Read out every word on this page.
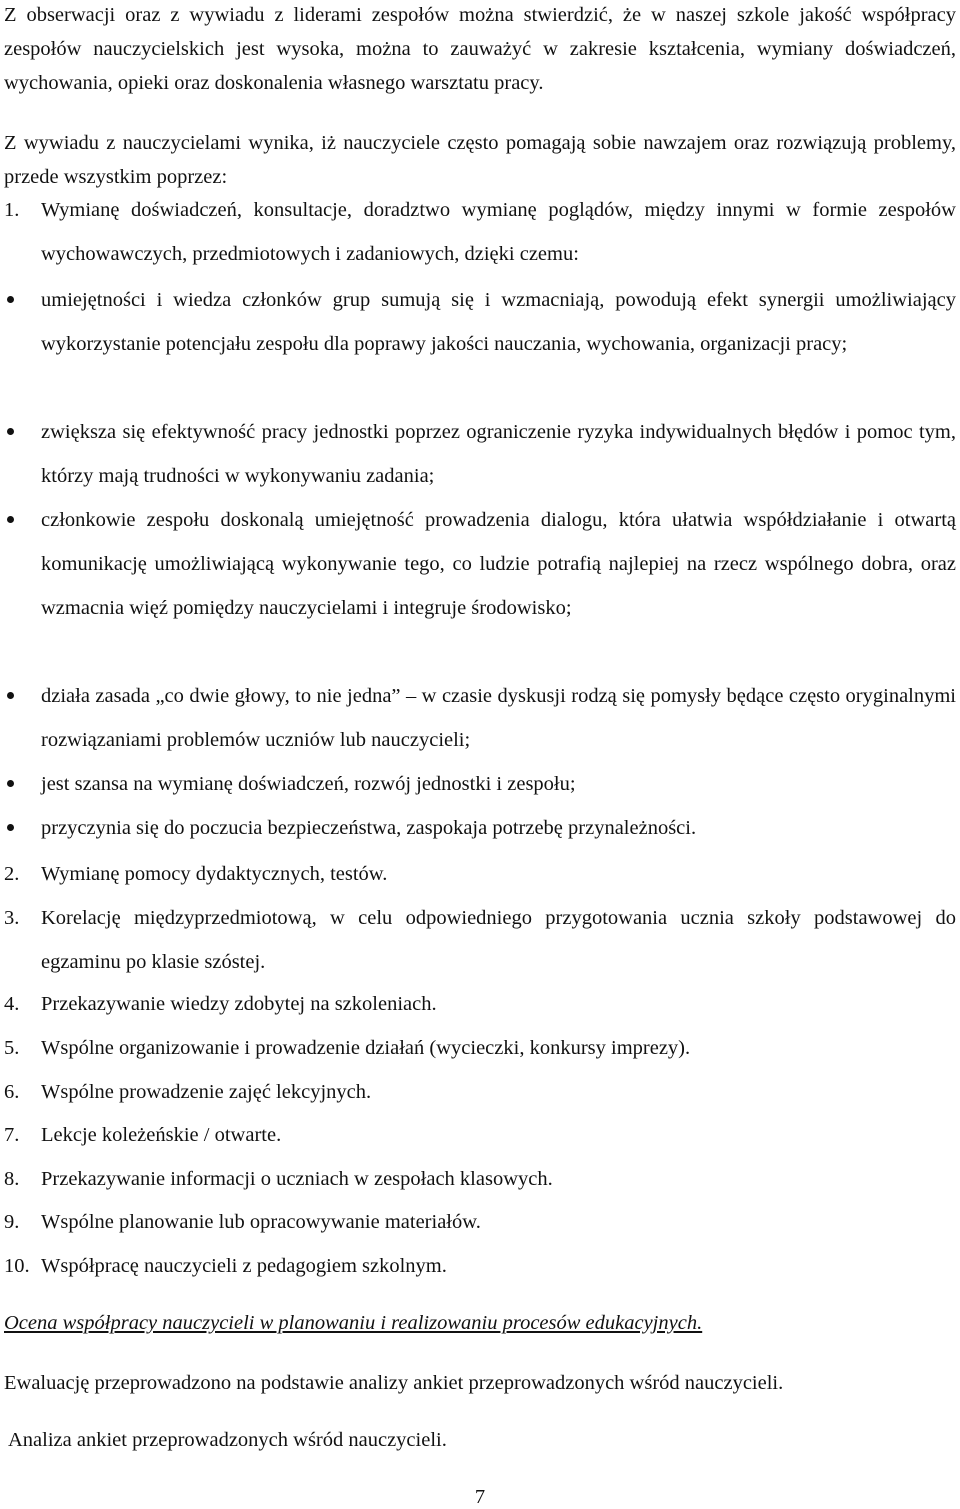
Z obserwacji oraz z wywiadu z liderami zespołów można stwierdzić, że w naszej szkole jakość współpracy zespołów nauczycielskich jest wysoka, można to zauważyć w zakresie kształcenia, wymiany doświadczeń, wychowania, opieki oraz doskonalenia własnego warsztatu pracy.

Z wywiadu z nauczycielami wynika, iż nauczyciele często pomagają sobie nawzajem oraz rozwiązują problemy, przede wszystkim poprzez:

1.	Wymianę doświadczeń, konsultacje, doradztwo wymianę poglądów, między innymi w formie zespołów wychowawczych, przedmiotowych i zadaniowych, dzięki czemu:
umiejętności i wiedza członków grup sumują się i wzmacniają, powodują efekt synergii umożliwiający wykorzystanie potencjału zespołu dla poprawy jakości nauczania, wychowania, organizacji pracy;
zwiększa się efektywność pracy jednostki poprzez ograniczenie ryzyka indywidualnych błędów i pomoc tym, którzy mają trudności w wykonywaniu zadania;
członkowie zespołu doskonalą umiejętność prowadzenia dialogu, która ułatwia współdziałanie i otwartą komunikację umożliwiającą wykonywanie tego, co ludzie potrafią najlepiej na rzecz wspólnego dobra, oraz wzmacnia więź pomiędzy nauczycielami i integruje środowisko;
działa zasada „co dwie głowy, to nie jedna” – w czasie dyskusji rodzą się pomysły będące często oryginalnymi rozwiązaniami problemów uczniów lub nauczycieli;
jest szansa na wymianę doświadczeń, rozwój jednostki i zespołu;
przyczynia się do poczucia bezpieczeństwa, zaspokaja potrzebę przynależności.
2.	Wymianę pomocy dydaktycznych, testów.
3.	Korelację międzyprzedmiotową, w celu odpowiedniego przygotowania ucznia szkoły podstawowej do egzaminu po klasie szóstej.
4.	Przekazywanie wiedzy zdobytej na szkoleniach.
5.	Wspólne organizowanie i prowadzenie działań (wycieczki, konkursy imprezy).
6.	Wspólne prowadzenie zajęć lekcyjnych.
7.	Lekcje koleżeńskie / otwarte.
8.	Przekazywanie informacji o uczniach w zespołach klasowych.
9.	Wspólne planowanie lub opracowywanie materiałów.
10. Współpracę nauczycieli z pedagogiem szkolnym.

Ocena współpracy nauczycieli w planowaniu i realizowaniu procesów edukacyjnych.

Ewaluację przeprowadzono na podstawie analizy ankiet przeprowadzonych wśród nauczycieli.

Analiza ankiet przeprowadzonych wśród nauczycieli.

7
